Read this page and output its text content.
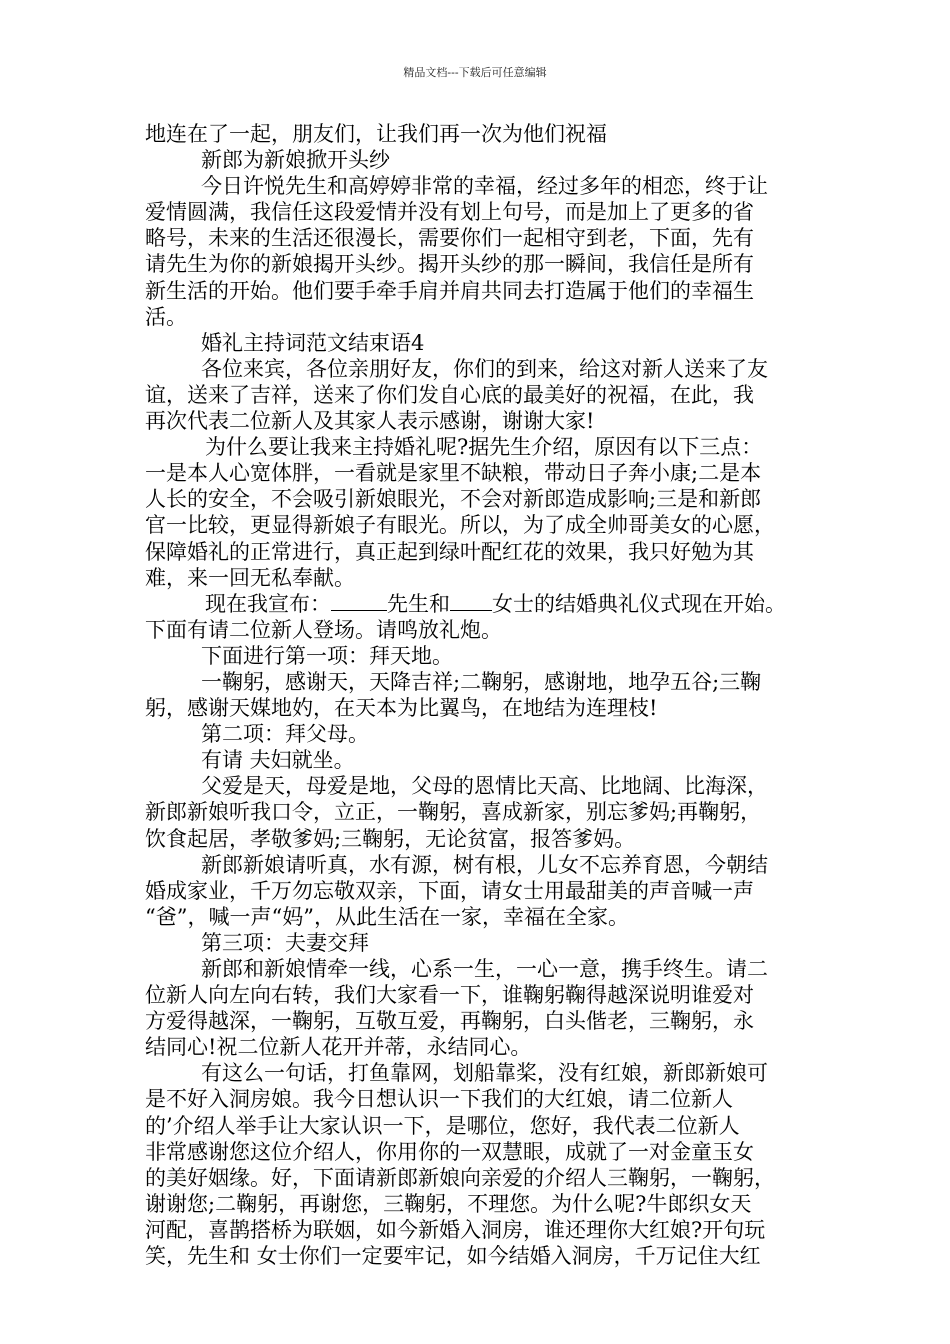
精品文档---下载后可任意编辑
地连在了一起，朋友们，让我们再一次为他们祝福
新郎为新娘掀开头纱
今日许悦先生和高婷婷非常的幸福，经过多年的相恋，终于让
爱情圆满，我信任这段爱情并没有划上句号，而是加上了更多的省
略号，未来的生活还很漫长，需要你们一起相守到老，下面，先有
请先生为你的新娘揭开头纱。揭开头纱的那一瞬间，我信任是所有
新生活的开始。他们要手牵手肩并肩共同去打造属于他们的幸福生
活。
婚礼主持词范文结束语4
各位来宾，各位亲朋好友，你们的到来，给这对新人送来了友
谊，送来了吉祥，送来了你们发自心底的最美好的祝福，在此，我
再次代表二位新人及其家人表示感谢，谢谢大家!
为什么要让我来主持婚礼呢?据先生介绍，原因有以下三点：
一是本人心宽体胖，一看就是家里不缺粮，带动日子奔小康;二是本
人长的安全，不会吸引新娘眼光，不会对新郎造成影响;三是和新郎
官一比较，更显得新娘子有眼光。所以，为了成全帅哥美女的心愿，
保障婚礼的正常进行，真正起到绿叶配红花的效果，我只好勉为其
难，来一回无私奉献。
现在我宣布：	先生和 女士的结婚典礼仪式现在开始。
下面有请二位新人登场。请鸣放礼炮。
下面进行第一项：拜天地。
一鞠躬，感谢天，天降吉祥;二鞠躬，感谢地，地孕五谷;三鞠
躬，感谢天媒地妁，在天本为比翼鸟，在地结为连理枝!
第二项：拜父母。
有请 夫妇就坐。
父爱是天，母爱是地，父母的恩情比天高、比地阔、比海深，
新郎新娘听我口令，立正，一鞠躬，喜成新家，别忘爹妈;再鞠躬，
饮食起居，孝敬爹妈;三鞠躬，无论贫富，报答爹妈。
新郎新娘请听真，水有源，树有根，儿女不忘养育恩，今朝结
婚成家业，千万勿忘敬双亲，下面，请女士用最甜美的声音喊一声
“爸”，喊一声“妈”，从此生活在一家，幸福在全家。
第三项：夫妻交拜
新郎和新娘情牵一线，心系一生，一心一意，携手终生。请二
位新人向左向右转，我们大家看一下，谁鞠躬鞠得越深说明谁爱对
方爱得越深，一鞠躬，互敬互爱，再鞠躬，白头偕老，三鞠躬，永
结同心!祝二位新人花开并蒂，永结同心。
有这么一句话，打鱼靠网，划船靠桨，没有红娘，新郎新娘可
是不好入洞房娘。我今日想认识一下我们的大红娘，请二位新人
的’介绍人举手让大家认识一下，是哪位，您好，我代表二位新人
非常感谢您这位介绍人，你用你的一双慧眼，成就了一对金童玉女
的美好姻缘。好，下面请新郎新娘向亲爱的介绍人三鞠躬，一鞠躬，
谢谢您;二鞠躬，再谢您，三鞠躬，不理您。为什么呢?牛郎织女天
河配，喜鹊搭桥为联姻，如今新婚入洞房，谁还理你大红娘?开句玩
笑，先生和 女士你们一定要牢记，如今结婚入洞房，千万记住大红
